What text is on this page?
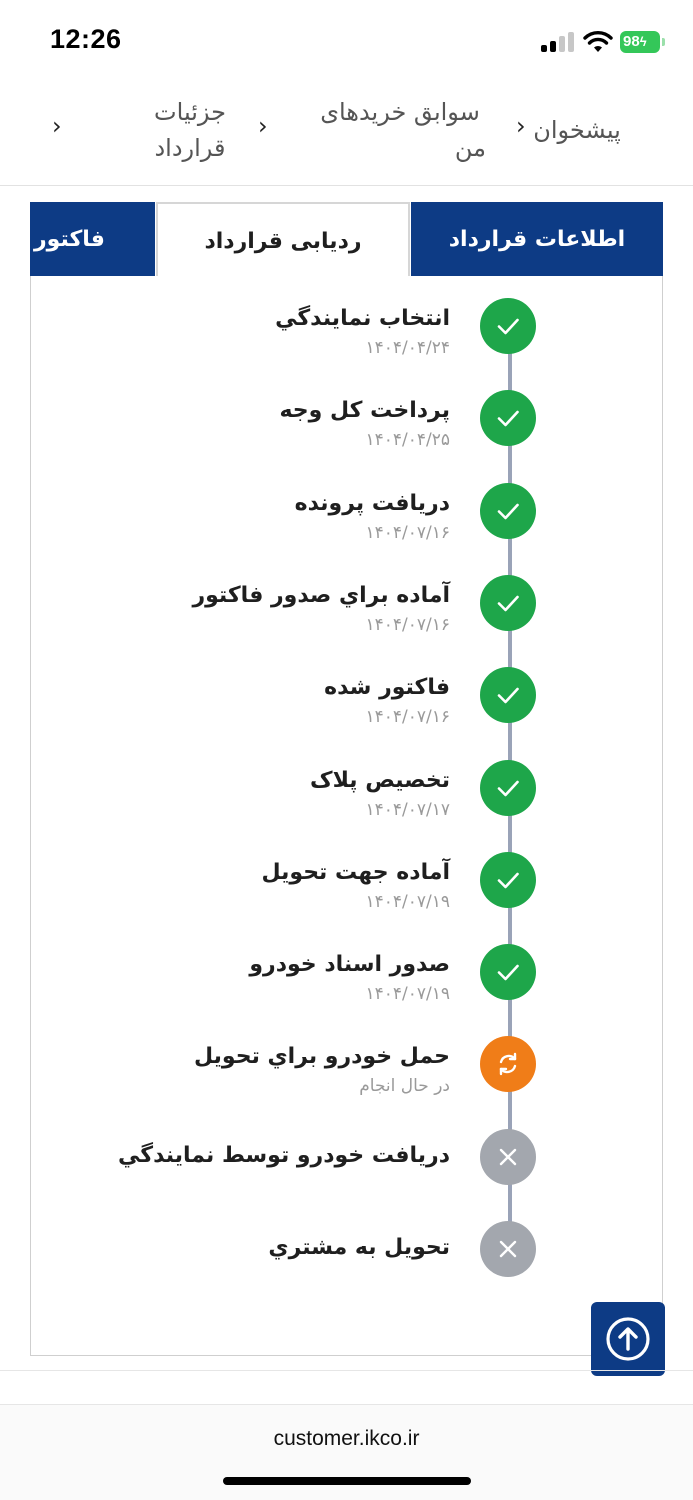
12:26	98ϟ
پیشخوان
›
سوابق خریدهای
من
›
جزئیات
قرارداد
›
اطلاعات قرارداد
ردیابی قرارداد
فاکتور
انتخاب نمايندگي
۱۴۰۴/۰۴/۲۴
پرداخت کل وجه
۱۴۰۴/۰۴/۲۵
دريافت پرونده
۱۴۰۴/۰۷/۱۶
آماده براي صدور فاکتور
۱۴۰۴/۰۷/۱۶
فاکتور شده
۱۴۰۴/۰۷/۱۶
تخصيص پلاک
۱۴۰۴/۰۷/۱۷
آماده جهت تحويل
۱۴۰۴/۰۷/۱۹
صدور اسناد خودرو
۱۴۰۴/۰۷/۱۹
حمل خودرو براي تحويل
در حال انجام
دريافت خودرو توسط نمايندگي
تحويل به مشتري
customer.ikco.ir
